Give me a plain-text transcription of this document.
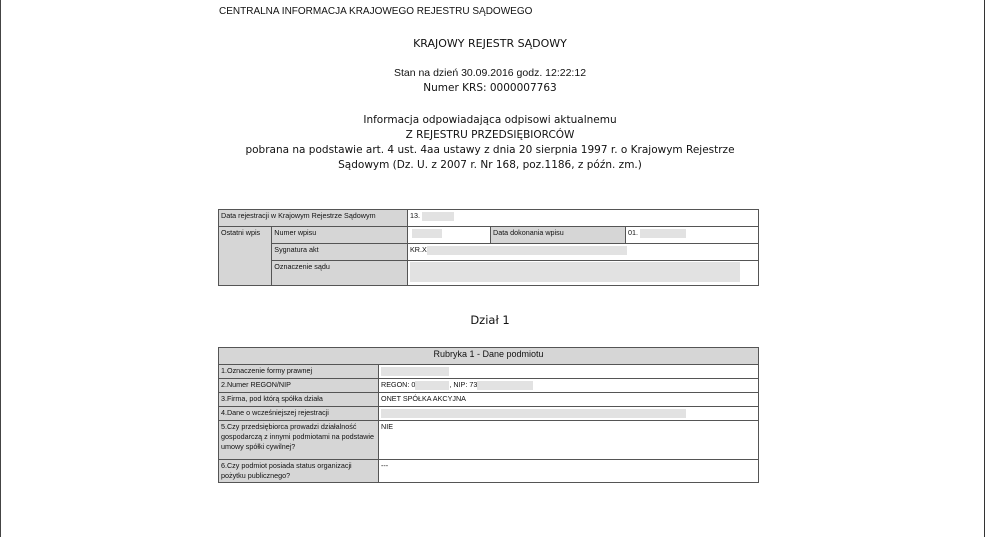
CENTRALNA INFORMACJA KRAJOWEGO REJESTRU SĄDOWEGO
KRAJOWY REJESTR SĄDOWY
Stan na dzień 30.09.2016 godz. 12:22:12
Numer KRS: 0000007763
Informacja odpowiadająca odpisowi aktualnemu
Z REJESTRU PRZEDSIĘBIORCÓW
pobrana na podstawie art. 4 ust. 4aa ustawy z dnia 20 sierpnia 1997 r. o Krajowym Rejestrze
Sądowym (Dz. U. z 2007 r. Nr 168, poz.1186, z późn. zm.)
Data rejestracji w Krajowym Rejestrze Sądowym		13.		
Ostatni wpis	Numer wpisu		Data dokonania wpisu	01.
	Sygnatura akt	KR.X		
	Oznaczenie sądu			
Dział 1
Rubryka 1 - Dane podmiotu	
1.Oznaczenie formy prawnej	
2.Numer REGON/NIP	REGON: 0 , NIP: 73
3.Firma, pod którą spółka działa	ONET SPÓŁKA AKCYJNA
4.Dane o wcześniejszej rejestracji	
5.Czy przedsiębiorca prowadzi działalność gospodarczą z innymi podmiotami na podstawie umowy spółki cywilnej?	NIE
6.Czy podmiot posiada status organizacji pożytku publicznego?	---
